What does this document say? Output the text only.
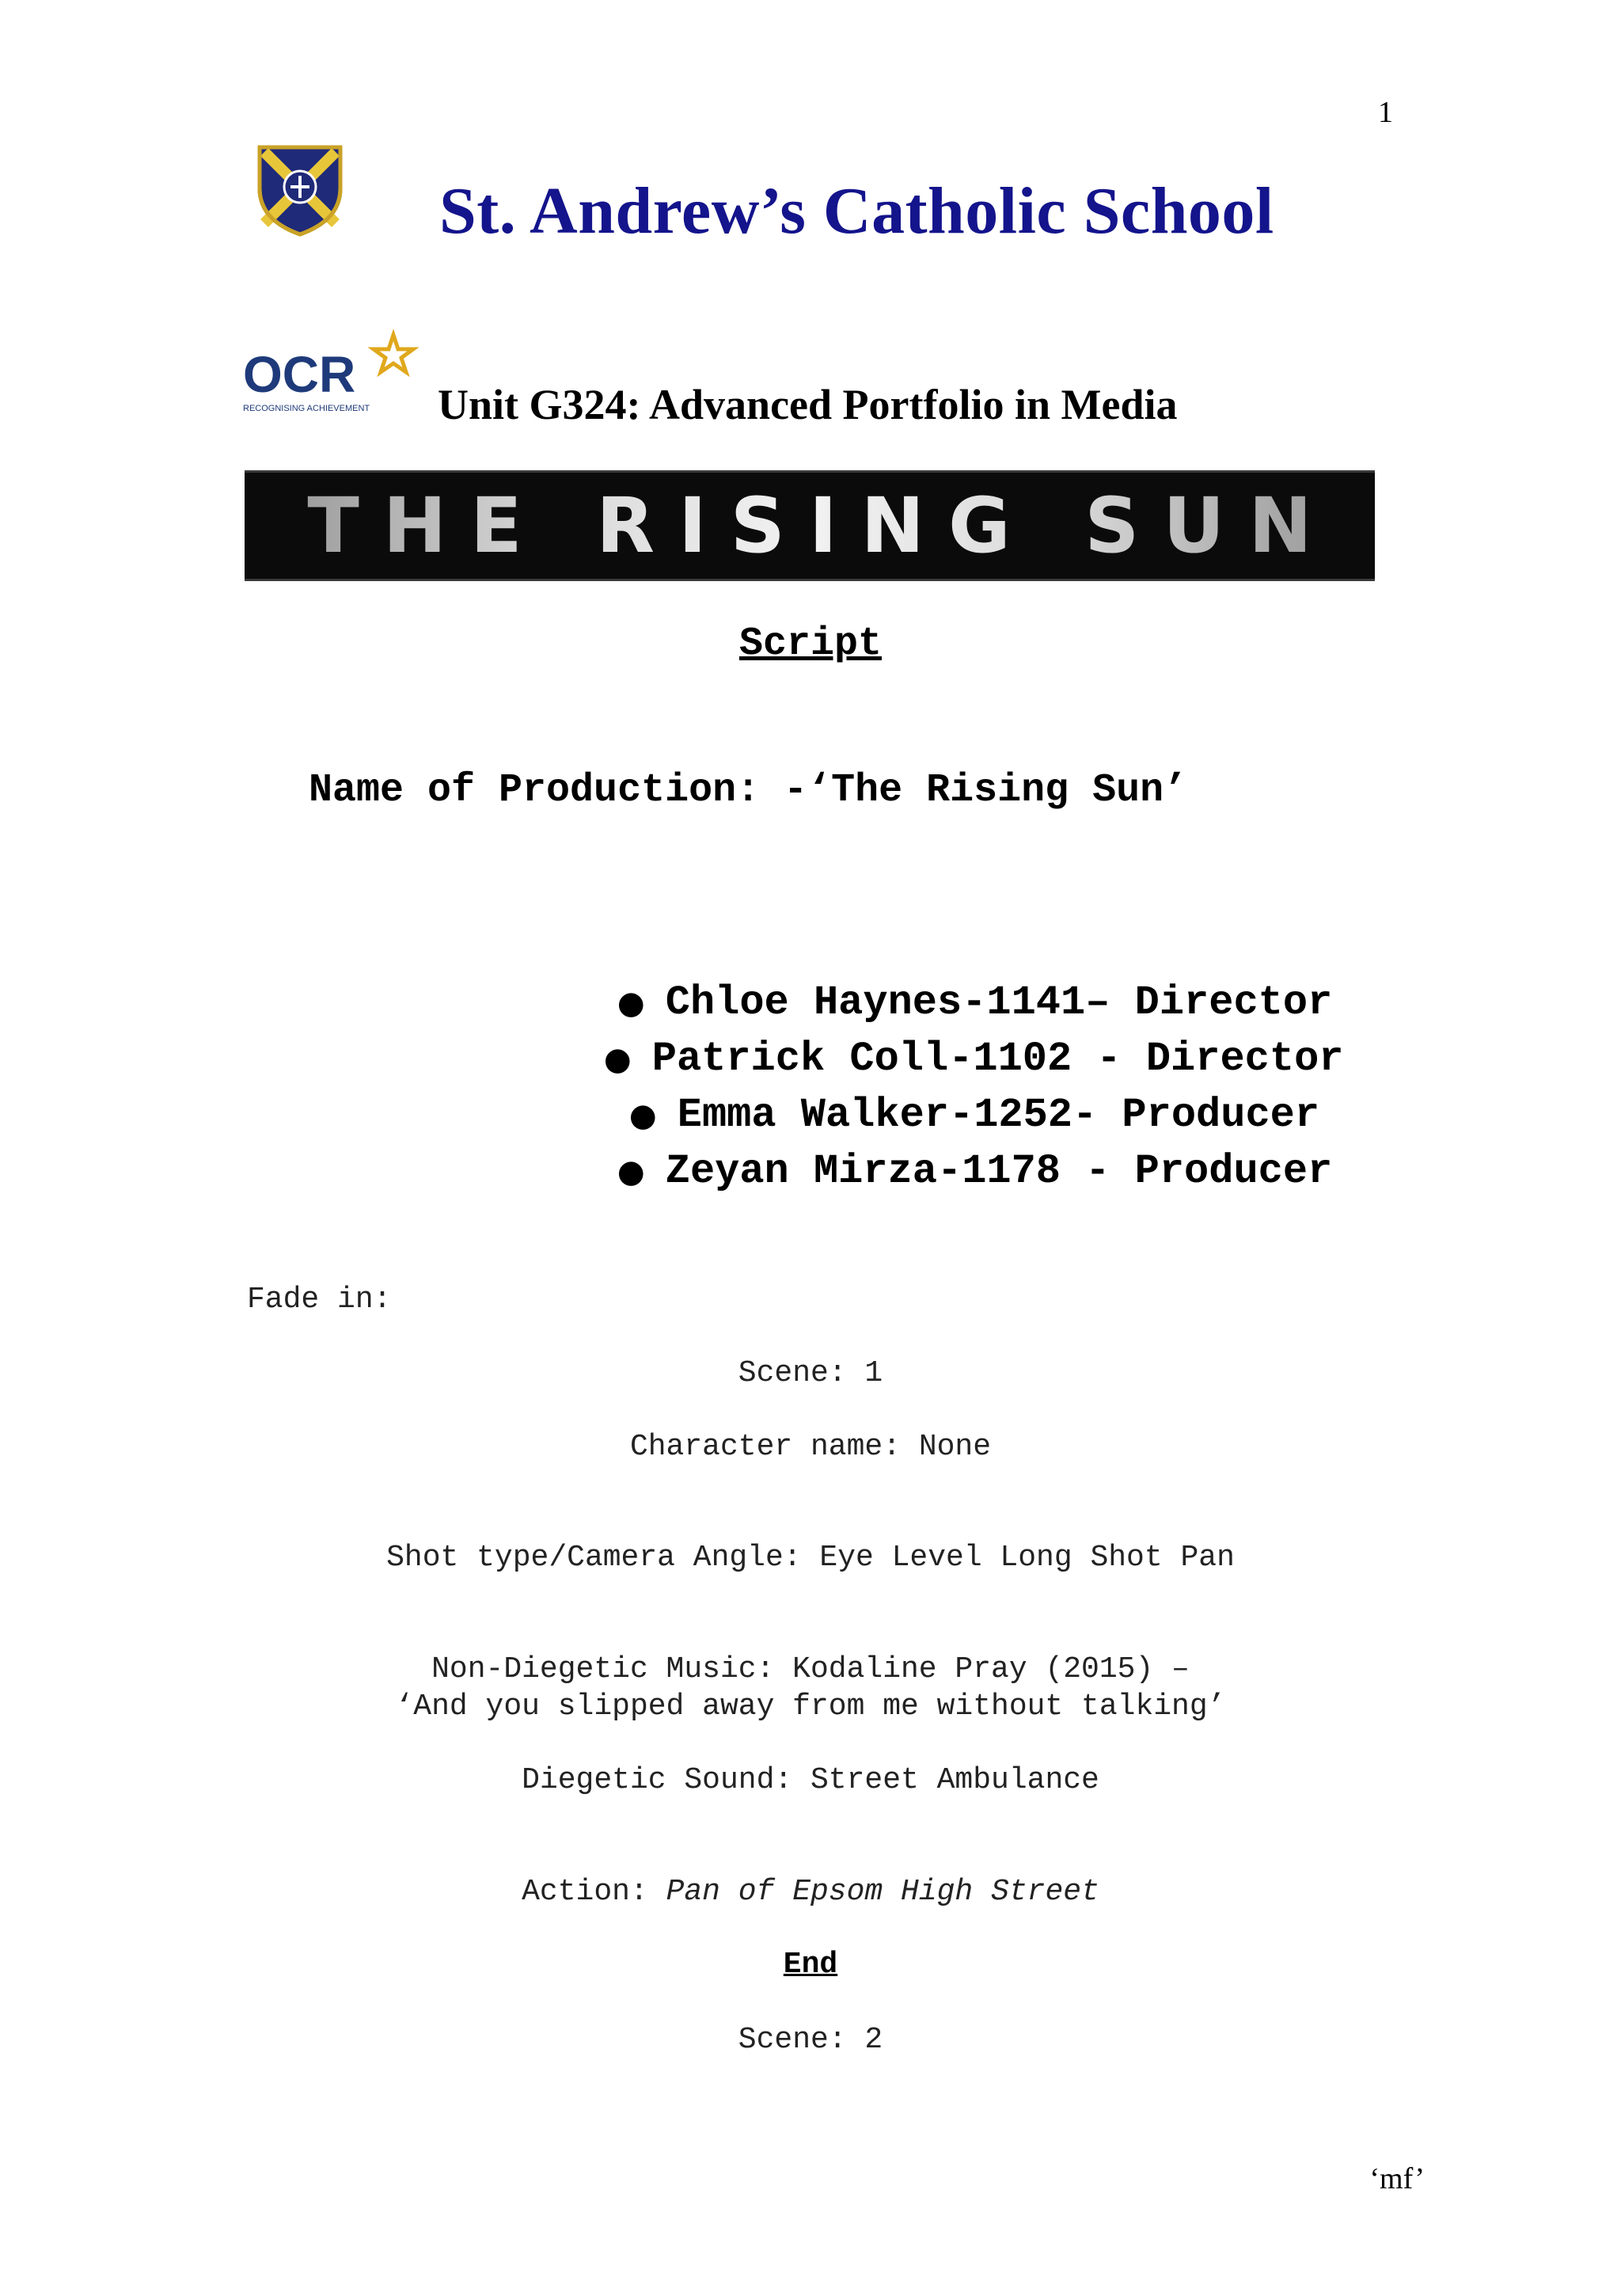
1
St. Andrew’s Catholic School
OCR
RECOGNISING ACHIEVEMENT Unit G324: Advanced Portfolio in Media
THE RISING SUN
Script
Name of Production: -‘The Rising Sun’

● Chloe Haynes-1141– Director

● Patrick Coll-1102 - Director

● Emma Walker-1252- Producer

● Zeyan Mirza-1178 - Producer

Fade in:
Scene: 1
Character name: None
Shot type/Camera Angle: Eye Level Long Shot Pan
Non-Diegetic Music: Kodaline Pray (2015) –
‘And you slipped away from me without talking’
Diegetic Sound: Street Ambulance
Action: Pan of Epsom High Street
End
Scene: 2
‘mf’
